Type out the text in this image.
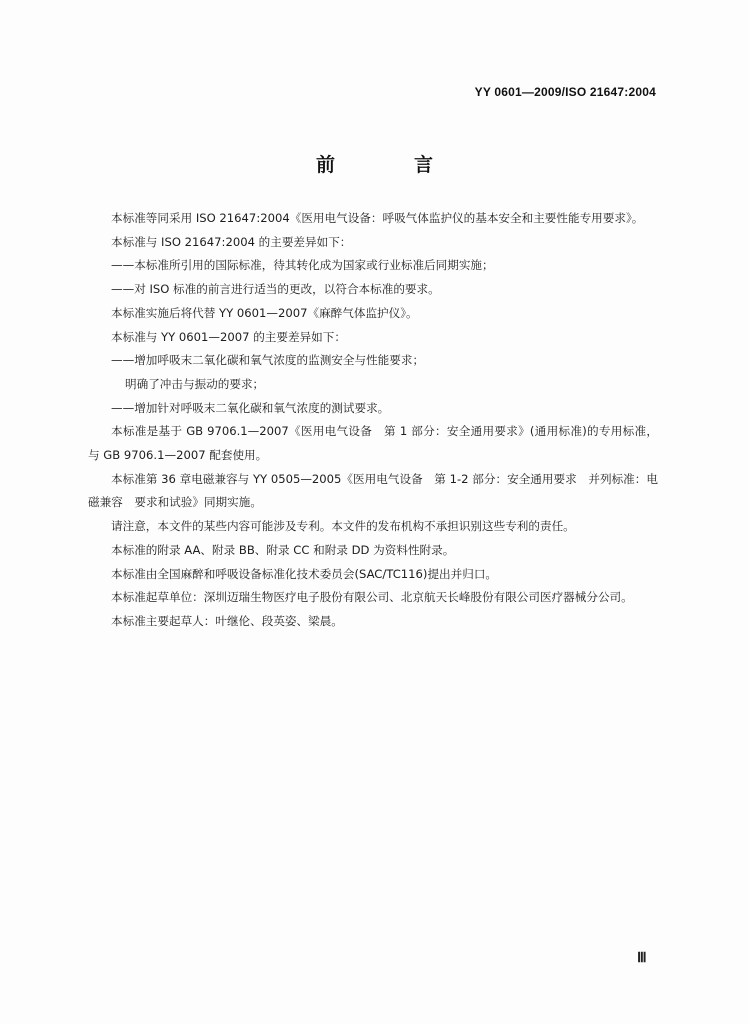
YY 0601—2009/ISO 21647:2004
前　言

本标准等同采用 ISO 21647:2004《医用电气设备：呼吸气体监护仪的基本安全和主要性能专用要求》。

本标准与 ISO 21647:2004 的主要差异如下：

——本标准所引用的国际标准，待其转化成为国家或行业标准后同期实施；

——对 ISO 标准的前言进行适当的更改，以符合本标准的要求。

本标准实施后将代替 YY 0601—2007《麻醉气体监护仪》。

本标准与 YY 0601—2007 的主要差异如下：

——增加呼吸末二氧化碳和氧气浓度的监测安全与性能要求；

明确了冲击与振动的要求；

——增加针对呼吸末二氧化碳和氧气浓度的测试要求。

本标准是基于 GB 9706.1—2007《医用电气设备　第 1 部分：安全通用要求》(通用标准)的专用标准，与 GB 9706.1—2007 配套使用。

本标准第 36 章电磁兼容与 YY 0505—2005《医用电气设备　第 1-2 部分：安全通用要求　并列标准：电磁兼容　要求和试验》同期实施。

请注意，本文件的某些内容可能涉及专利。本文件的发布机构不承担识别这些专利的责任。

本标准的附录 AA、附录 BB、附录 CC 和附录 DD 为资料性附录。

本标准由全国麻醉和呼吸设备标准化技术委员会(SAC/TC116)提出并归口。

本标准起草单位：深圳迈瑞生物医疗电子股份有限公司、北京航天长峰股份有限公司医疗器械分公司。

本标准主要起草人：叶继伦、段英姿、梁晨。

Ⅲ
